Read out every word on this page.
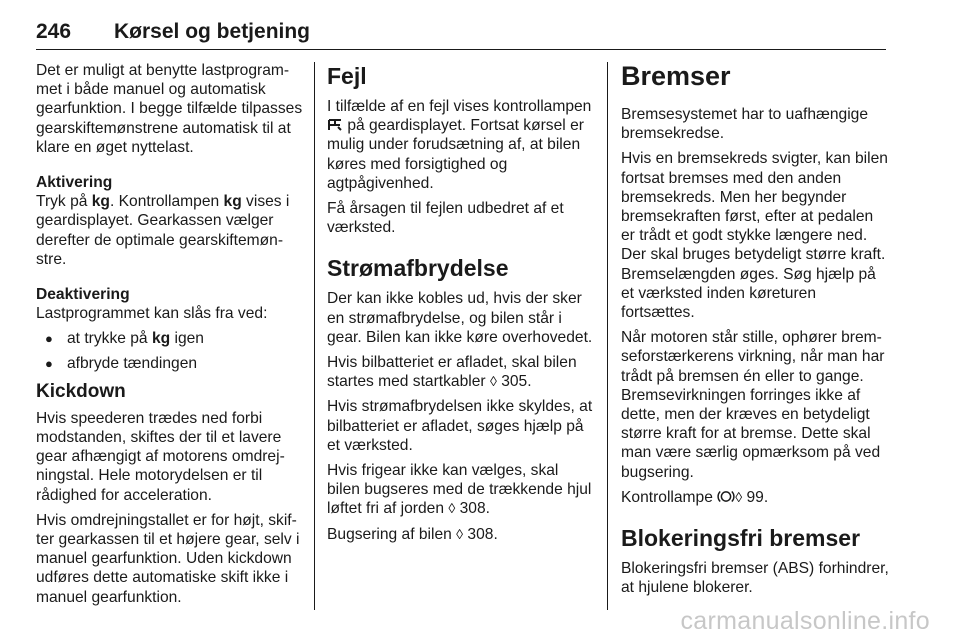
246 Kørsel og betjening

Det er muligt at benytte lastprogrammet i både manuel og automatisk gearfunktion. I begge tilfælde tilpasses gearskiftemønstrene automatisk til at klare en øget nyttelast.

Aktivering

Tryk på kg. Kontrollampen kg vises i geardisplayet. Gearkassen vælger derefter de optimale gearskiftemønstre.

Deaktivering

Lastprogrammet kan slås fra ved:

● at trykke på kg igen
● afbryde tændingen
Kickdown

Hvis speederen trædes ned forbi modstanden, skiftes der til et lavere gear afhængigt af motorens omdrejningstal. Hele motorydelsen er til rådighed for acceleration.

Hvis omdrejningstallet er for højt, skifter gearkassen til et højere gear, selv i manuel gearfunktion. Uden kickdown udføres dette automatiske skift ikke i manuel gearfunktion.

Fejl

I tilfælde af en fejl vises kontrollampen  på geardisplayet. Fortsat kørsel er mulig under forudsætning af, at bilen køres med forsigtighed og agtpågivenhed.

Få årsagen til fejlen udbedret af et værksted.

Strømafbrydelse

Der kan ikke kobles ud, hvis der sker en strømafbrydelse, og bilen står i gear. Bilen kan ikke køre overhovedet.

Hvis bilbatteriet er afladet, skal bilen startes med startkabler ◊ 305.

Hvis strømafbrydelsen ikke skyldes, at bilbatteriet er afladet, søges hjælp på et værksted.

Hvis frigear ikke kan vælges, skal bilen bugseres med de trækkende hjul løftet fri af jorden ◊ 308.

Bugsering af bilen ◊ 308.

Bremser

Bremsesystemet har to uafhængige bremsekredse.

Hvis en bremsekreds svigter, kan bilen fortsat bremses med den anden bremsekreds. Men her begynder bremsekraften først, efter at pedalen er trådt et godt stykke længere ned. Der skal bruges betydeligt større kraft. Bremselængden øges. Søg hjælp på et værksted inden køreturen fortsættes.

Når motoren står stille, ophører bremseforstærkerens virkning, når man har trådt på bremsen én eller to gange. Bremsevirkningen forringes ikke af dette, men der kræves en betydeligt større kraft for at bremse. Dette skal man være særlig opmærksom på ved bugsering.

Kontrollampe ◊ 99.

Blokeringsfri bremser

Blokeringsfri bremser (ABS) forhindrer, at hjulene blokerer.

carmanualsonline.info
